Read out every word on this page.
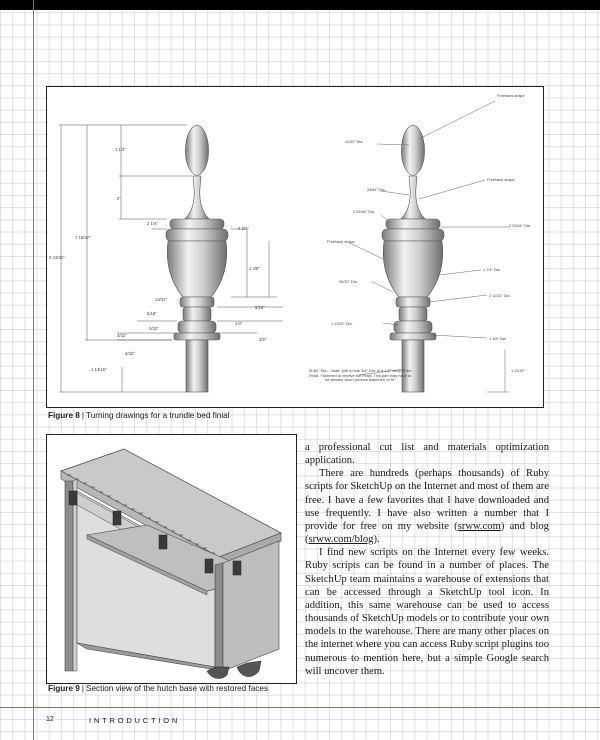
9 23/32"
7 15/32"
1 1/2"
2"
2 1/4"
4 3/4"
1 3/8"
13/32"
5/16"
5/16"
1/4"
3/32"
3/32"
3/8"
3/32"
1 13/16"
Freehand shape
11/32" Dia.
Freehand shape
25/64" Dia.
2 23/64" Dia.
2 23/64" Dia.
Freehand shape
1 1/4" Dia.
35/32" Dia.
2 11/32" Dia.
1 11/32" Dia.
1 1/8" Dia.
1 13/32"
31/64" Dia. - Note: Drill a hole 3/4" Dia. to a 1/2" deep in the Finial. Fastened to receive the Finial. This part may have to be sanded down (reduce diameter) to fit.
Figure 8 | Turning drawings for a trundle bed finial
Figure 9 | Section view of the hutch base with restored faces

a professional cut list and materials optimization application.

There are hundreds (perhaps thousands) of Ruby scripts for SketchUp on the Internet and most of them are free. I have a few favorites that I have downloaded and use frequently. I have also written a number that I provide for free on my website (srww.com) and blog (srww.com/blog).

I find new scripts on the Internet every few weeks. Ruby scripts can be found in a number of places. The SketchUp team maintains a warehouse of extensions that can be accessed through a SketchUp tool icon. In addition, this same warehouse can be used to access thousands of SketchUp models or to contribute your own models to the warehouse. There are many other places on the internet where you can access Ruby script plugins too numerous to mention here, but a simple Google search will uncover them.

12	INTRODUCTION
